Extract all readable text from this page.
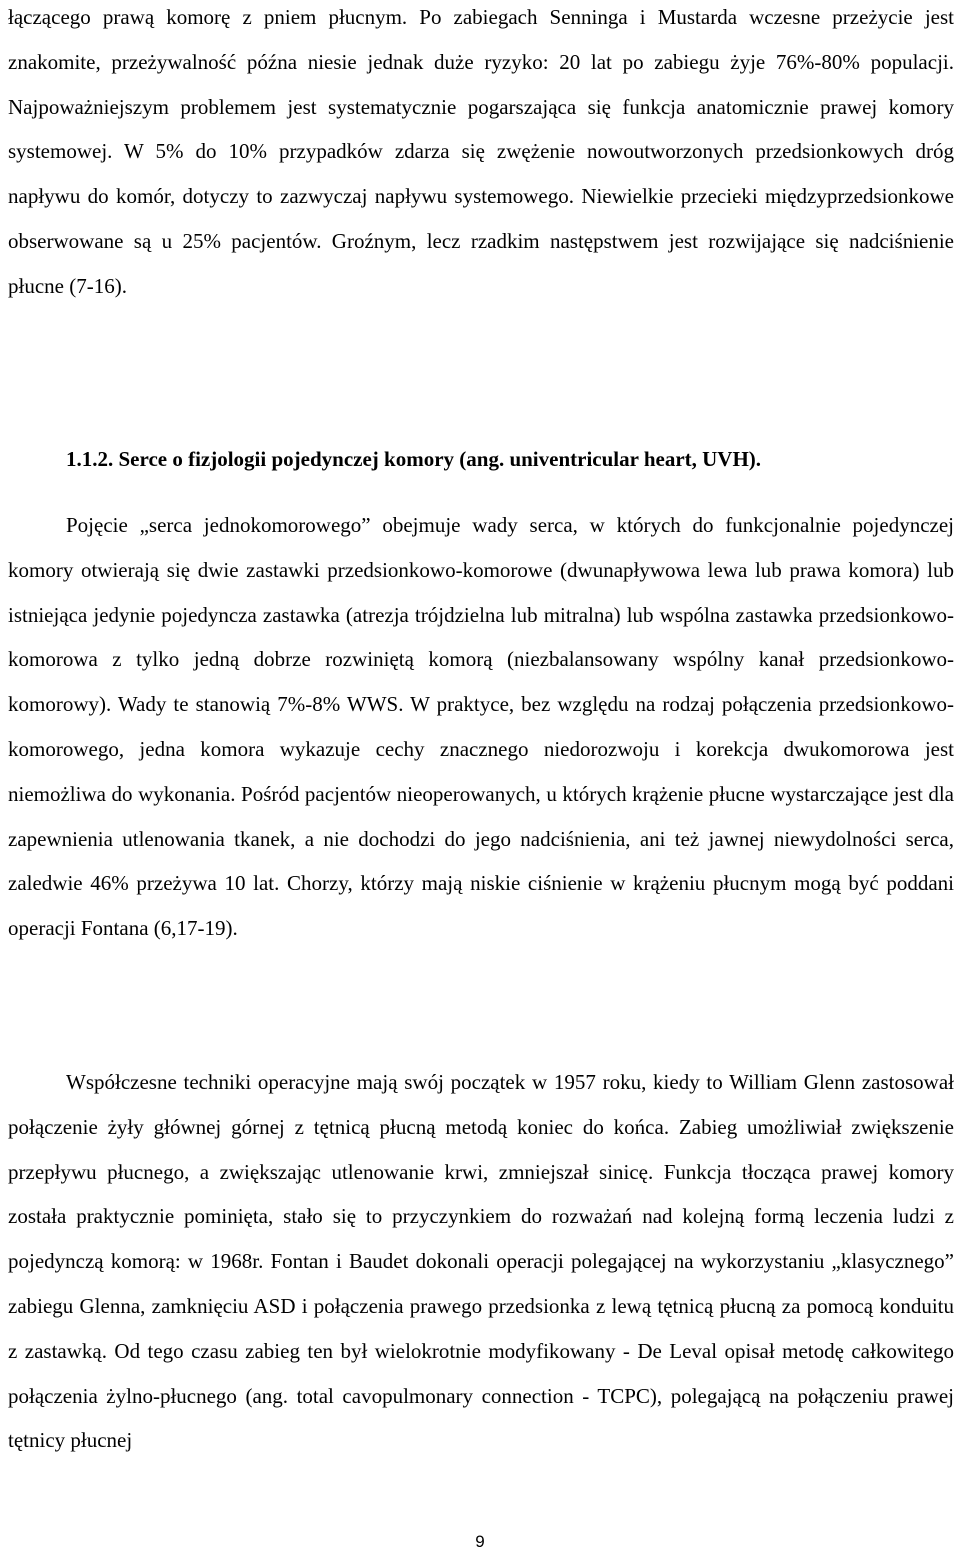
łączącego prawą komorę z pniem płucnym. Po zabiegach Senninga i Mustarda wczesne przeżycie jest znakomite, przeżywalność późna niesie jednak duże ryzyko: 20 lat po zabiegu żyje 76%-80% populacji. Najpoważniejszym problemem jest systematycznie pogarszająca się funkcja anatomicznie prawej komory systemowej. W 5% do 10% przypadków zdarza się zwężenie nowoutworzonych przedsionkowych dróg napływu do komór, dotyczy to zazwyczaj napływu systemowego. Niewielkie przecieki międzyprzedsionkowe obserwowane są u 25% pacjentów. Groźnym, lecz rzadkim następstwem jest rozwijające się nadciśnienie płucne (7-16).

1.1.2. Serce o fizjologii pojedynczej komory (ang. univentricular heart, UVH).

Pojęcie „serca jednokomorowego” obejmuje wady serca, w których do funkcjonalnie pojedynczej komory otwierają się dwie zastawki przedsionkowo-komorowe (dwunapływowa lewa lub prawa komora) lub istniejąca jedynie pojedyncza zastawka (atrezja trójdzielna lub mitralna) lub wspólna zastawka przedsionkowo-komorowa z tylko jedną dobrze rozwiniętą komorą (niezbalansowany wspólny kanał przedsionkowo-komorowy). Wady te stanowią 7%-8% WWS. W praktyce, bez względu na rodzaj połączenia przedsionkowo-komorowego, jedna komora wykazuje cechy znacznego niedorozwoju i korekcja dwukomorowa jest niemożliwa do wykonania. Pośród pacjentów nieoperowanych, u których krążenie płucne wystarczające jest dla zapewnienia utlenowania tkanek, a nie dochodzi do jego nadciśnienia, ani też jawnej niewydolności serca, zaledwie 46% przeżywa 10 lat. Chorzy, którzy mają niskie ciśnienie w krążeniu płucnym mogą być poddani operacji Fontana (6,17-19).

Współczesne techniki operacyjne mają swój początek w 1957 roku, kiedy to William Glenn zastosował połączenie żyły głównej górnej z tętnicą płucną metodą koniec do końca. Zabieg umożliwiał zwiększenie przepływu płucnego, a zwiększając utlenowanie krwi, zmniejszał sinicę. Funkcja tłocząca prawej komory została praktycznie pominięta, stało się to przyczynkiem do rozważań nad kolejną formą leczenia ludzi z pojedynczą komorą: w 1968r. Fontan i Baudet dokonali operacji polegającej na wykorzystaniu „klasycznego” zabiegu Glenna, zamknięciu ASD i połączenia prawego przedsionka z lewą tętnicą płucną za pomocą konduitu z zastawką. Od tego czasu zabieg ten był wielokrotnie modyfikowany - De Leval opisał metodę całkowitego połączenia żylno-płucnego (ang. total cavopulmonary connection - TCPC), polegającą na połączeniu prawej tętnicy płucnej

9
